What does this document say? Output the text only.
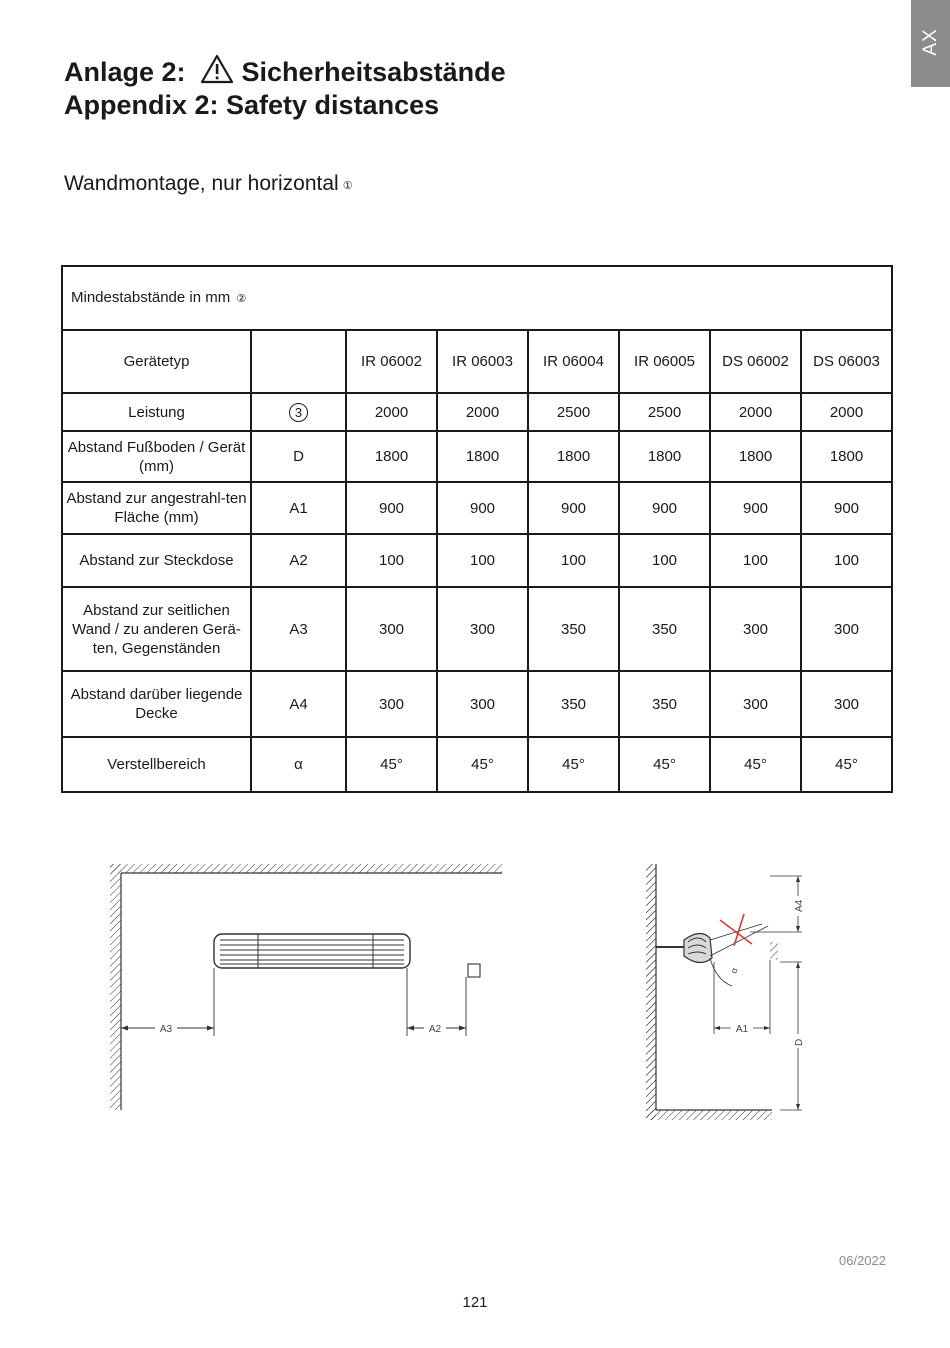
AX
Anlage 2: Sicherheitsabstände
Appendix 2: Safety distances
Wandmontage, nur horizontal ①
Mindestabstände in mm ②							
Gerätetyp		IR 06002	IR 06003	IR 06004	IR 06005	DS 06002	DS 06003
Leistung	3	2000	2000	2500	2500	2000	2000
Abstand Fußboden / Gerät (mm)	D	1800	1800	1800	1800	1800	1800
Abstand zur angestrahl-ten Fläche (mm)	A1	900	900	900	900	900	900
Abstand zur Steckdose	A2	100	100	100	100	100	100
Abstand zur seitlichen Wand / zu anderen Gerä-ten, Gegenständen	A3	300	300	350	350	300	300
Abstand darüber liegende Decke	A4	300	300	350	350	300	300
Verstellbereich	α	45°	45°	45°	45°	45°	45°
A3	A2
α
A1
A4
D
06/2022
121
